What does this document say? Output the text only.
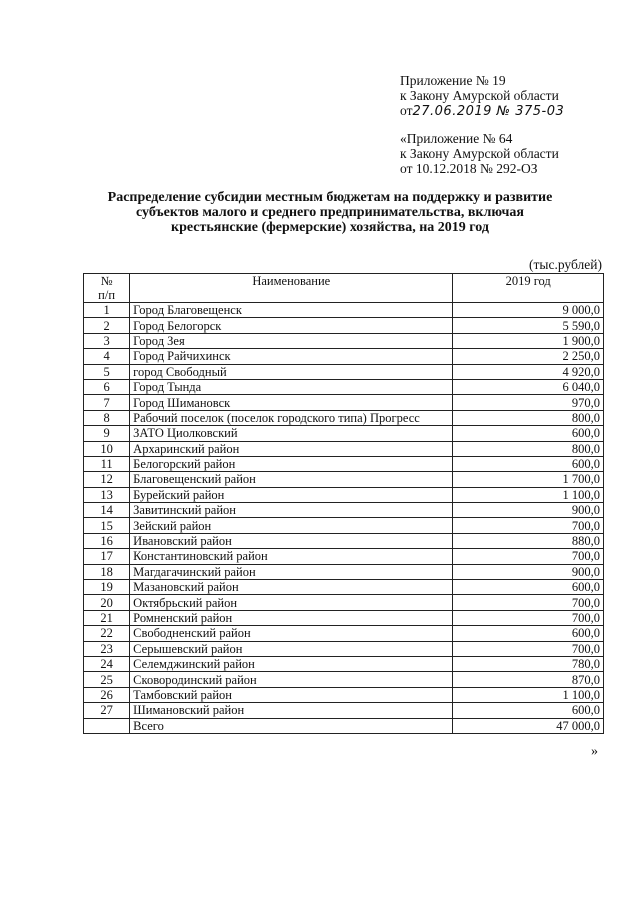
Приложение № 19
к Закону Амурской области
от27.06.2019 № 375-03
«Приложение № 64
к Закону Амурской области
от 10.12.2018 № 292-ОЗ
Распределение субсидии местным бюджетам на поддержку и развитие
субъектов малого и среднего предпринимательства, включая
крестьянские (фермерские) хозяйства, на 2019 год
(тыс.рублей)
№
п/п	Наименование	2019 год
1	Город Благовещенск	9 000,0
2	Город Белогорск	5 590,0
3	Город Зея	1 900,0
4	Город Райчихинск	2 250,0
5	город Свободный	4 920,0
6	Город Тында	6 040,0
7	Город Шимановск	970,0
8	Рабочий поселок (поселок городского типа) Прогресс	800,0
9	ЗАТО Циолковский	600,0
10	Архаринский район	800,0
11	Белогорский район	600,0
12	Благовещенский район	1 700,0
13	Бурейский район	1 100,0
14	Завитинский район	900,0
15	Зейский район	700,0
16	Ивановский район	880,0
17	Константиновский район	700,0
18	Магдагачинский район	900,0
19	Мазановский район	600,0
20	Октябрьский район	700,0
21	Ромненский район	700,0
22	Свободненский район	600,0
23	Серышевский район	700,0
24	Селемджинский район	780,0
25	Сковородинский район	870,0
26	Тамбовский район	1 100,0
27	Шимановский район	600,0
	Всего	47 000,0
»
